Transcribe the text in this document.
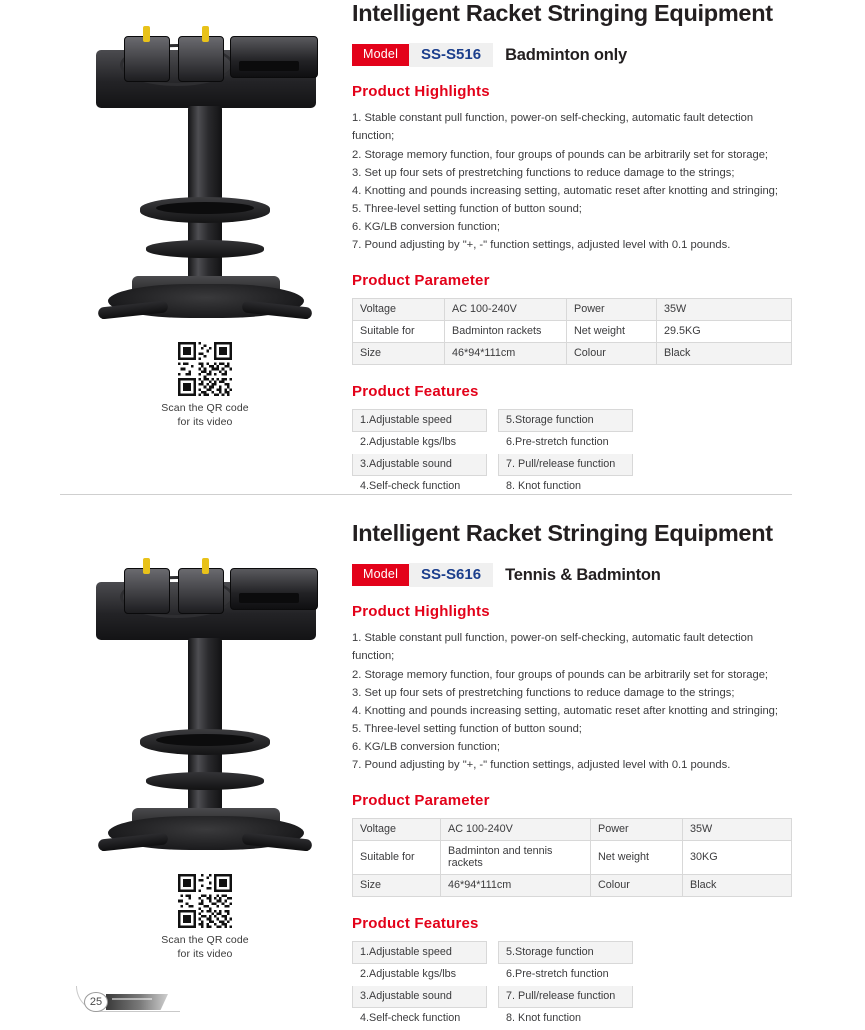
Scan the QR code
for its video
Intelligent Racket Stringing Equipment
Model	SS-S516	Badminton only
Product Highlights
1. Stable constant pull function, power-on self-checking, automatic fault detection function;
2. Storage memory function, four groups of pounds can be arbitrarily set for storage;
3. Set up four sets of prestretching functions to reduce damage to the strings;
4. Knotting and pounds increasing setting, automatic reset after knotting and stringing;
5. Three-level setting function of button sound;
6. KG/LB conversion function;
7. Pound adjusting by "+, -" function settings, adjusted level with 0.1 pounds.
Product Parameter
Voltage	AC 100-240V	Power	35W
Suitable for	Badminton rackets	Net weight	29.5KG
Size	46*94*111cm	Colour	Black
Product Features
1.Adjustable speed		5.Storage function
2.Adjustable kgs/lbs		6.Pre-stretch function
3.Adjustable sound		7. Pull/release function
4.Self-check function		8. Knot function
Scan the QR code
for its video
Intelligent Racket Stringing Equipment
Model	SS-S616	Tennis & Badminton
Product Highlights
1. Stable constant pull function, power-on self-checking, automatic fault detection function;
2. Storage memory function, four groups of pounds can be arbitrarily set for storage;
3. Set up four sets of prestretching functions to reduce damage to the strings;
4. Knotting and pounds increasing setting, automatic reset after knotting and stringing;
5. Three-level setting function of button sound;
6. KG/LB conversion function;
7. Pound adjusting by "+, -" function settings, adjusted level with 0.1 pounds.
Product Parameter
Voltage	AC 100-240V	Power	35W
Suitable for	Badminton and tennis rackets	Net weight	30KG
Size	46*94*111cm	Colour	Black
Product Features
1.Adjustable speed		5.Storage function
2.Adjustable kgs/lbs		6.Pre-stretch function
3.Adjustable sound		7. Pull/release function
4.Self-check function		8. Knot function
25
